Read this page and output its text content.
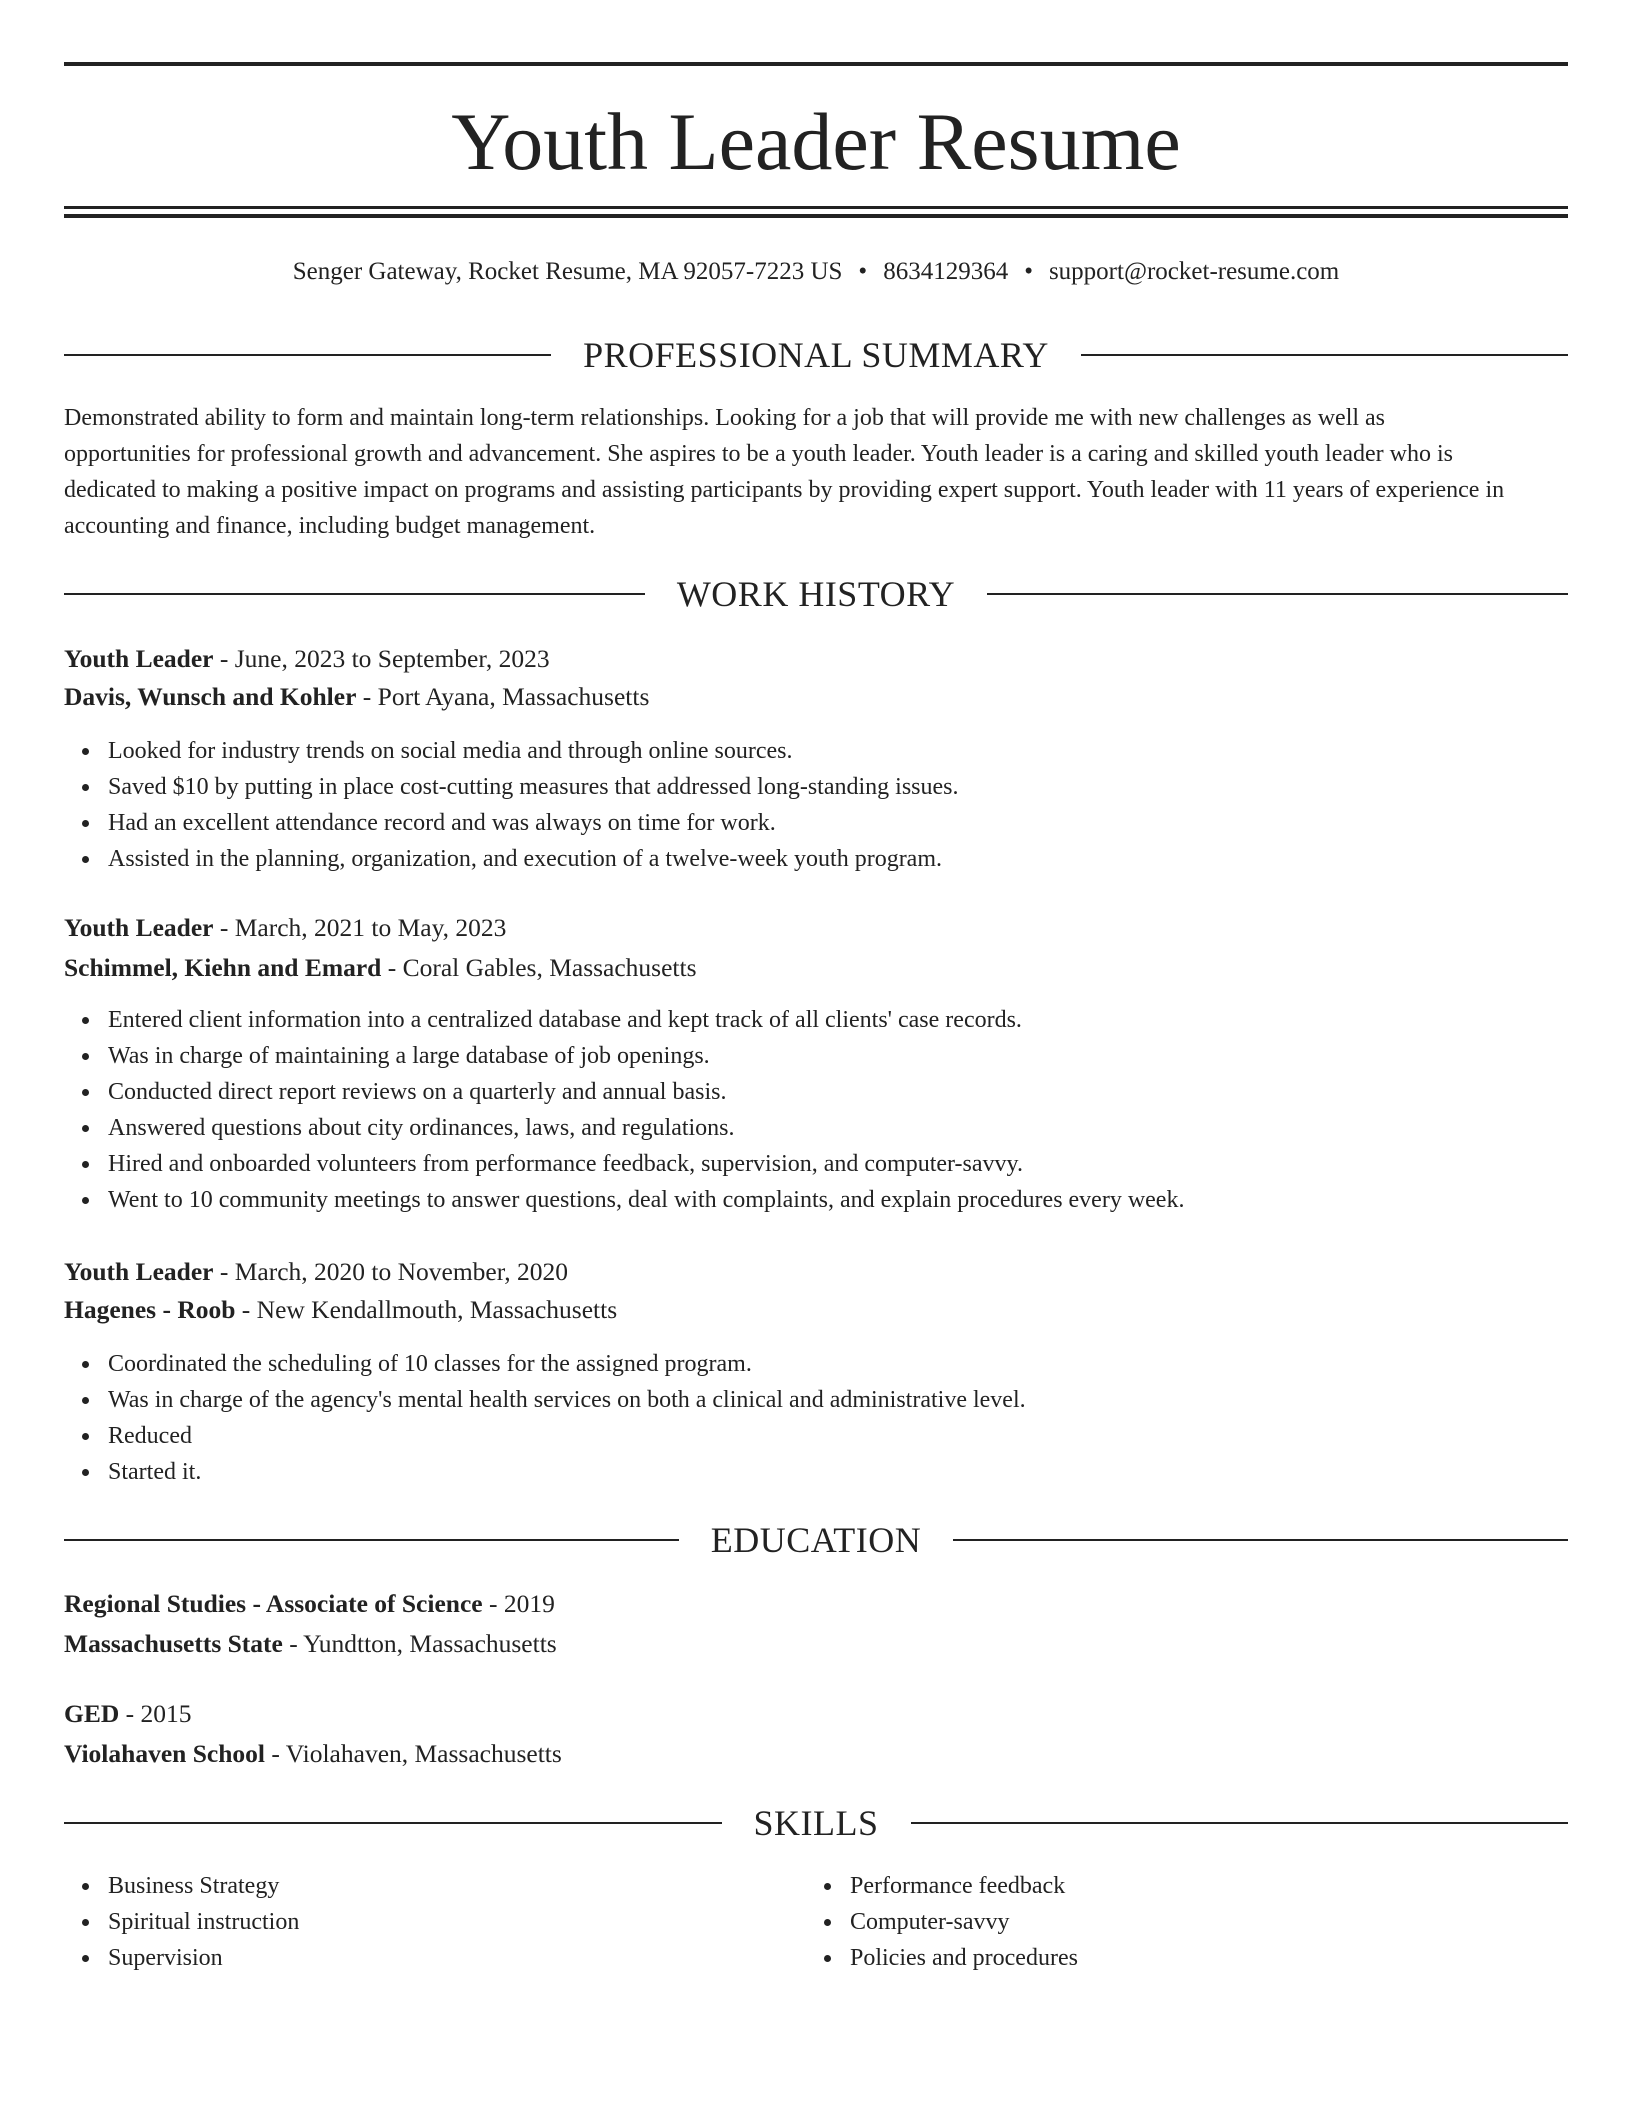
Youth Leader Resume
Senger Gateway, Rocket Resume, MA 92057-7223 US • 8634129364 • support@rocket-resume.com
PROFESSIONAL SUMMARY
Demonstrated ability to form and maintain long-term relationships. Looking for a job that will provide me with new challenges as well as
opportunities for professional growth and advancement. She aspires to be a youth leader. Youth leader is a caring and skilled youth leader who is
dedicated to making a positive impact on programs and assisting participants by providing expert support. Youth leader with 11 years of experience in
accounting and finance, including budget management.
WORK HISTORY
Youth Leader - June, 2023 to September, 2023
Davis, Wunsch and Kohler - Port Ayana, Massachusetts
Looked for industry trends on social media and through online sources.
Saved $10 by putting in place cost-cutting measures that addressed long-standing issues.
Had an excellent attendance record and was always on time for work.
Assisted in the planning, organization, and execution of a twelve-week youth program.
Youth Leader - March, 2021 to May, 2023
Schimmel, Kiehn and Emard - Coral Gables, Massachusetts
Entered client information into a centralized database and kept track of all clients' case records.
Was in charge of maintaining a large database of job openings.
Conducted direct report reviews on a quarterly and annual basis.
Answered questions about city ordinances, laws, and regulations.
Hired and onboarded volunteers from performance feedback, supervision, and computer-savvy.
Went to 10 community meetings to answer questions, deal with complaints, and explain procedures every week.
Youth Leader - March, 2020 to November, 2020
Hagenes - Roob - New Kendallmouth, Massachusetts
Coordinated the scheduling of 10 classes for the assigned program.
Was in charge of the agency's mental health services on both a clinical and administrative level.
Reduced
Started it.
EDUCATION
Regional Studies - Associate of Science - 2019
Massachusetts State - Yundtton, Massachusetts
GED - 2015
Violahaven School - Violahaven, Massachusetts
SKILLS
Business Strategy
Spiritual instruction
Supervision
Performance feedback
Computer-savvy
Policies and procedures
